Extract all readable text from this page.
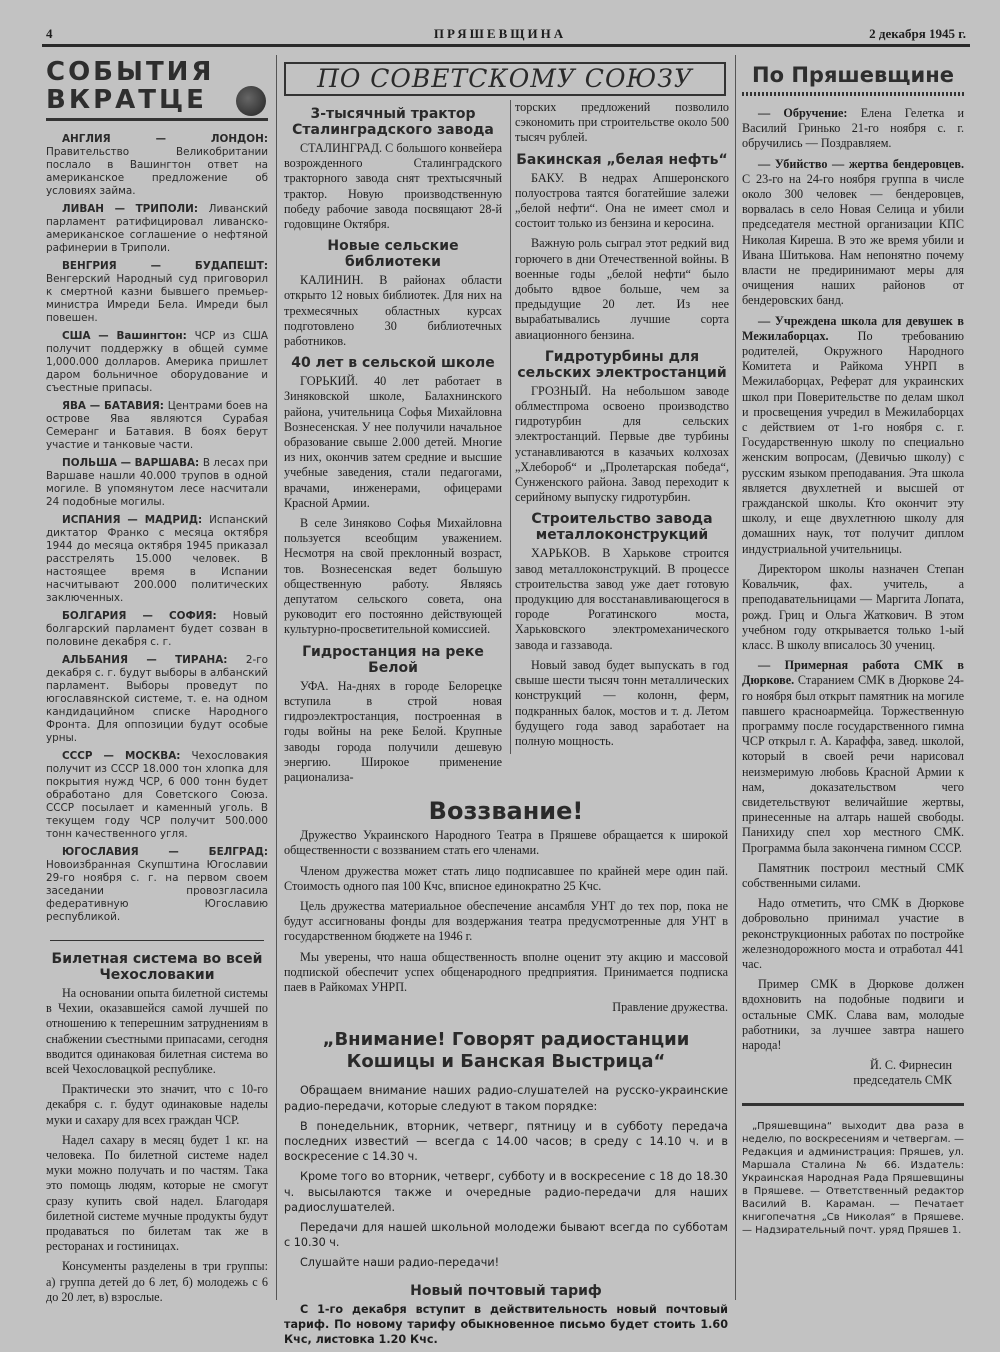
4	ПРЯШЕВЩИНА	2 декабря 1945 г.
СОБЫТИЯ
ВКРАТЦЕ

АНГЛИЯ — ЛОНДОН: Правительство Великобритании послало в Вашингтон ответ на американское предложение об условиях займа.

ЛИВАН — ТРИПОЛИ: Ливанский парламент ратифицировал ливанско-американское соглашение о нефтяной рафинерии в Триполи.

ВЕНГРИЯ — БУДАПЕШТ: Венгерский Народный суд приговорил к смертной казни бывшего премьер-министра Имреди Бела. Имреди был повешен.

США — Вашингтон: ЧСР из США получит поддержку в общей сумме 1,000.000 долларов. Америка пришлет даром больничное оборудование и съестные припасы.

ЯВА — БАТАВИЯ: Центрами боев на острове Ява являются Сурабая Семеранг и Батавия. В боях берут участие и танковые части.

ПОЛЬША — ВАРШАВА: В лесах при Варшаве нашли 40.000 трупов в одной могиле. В упомянутом лесе насчитали 24 подобные могилы.

ИСПАНИЯ — МАДРИД: Испанский диктатор Франко с месяца октября 1944 до месяца октября 1945 приказал расстрелять 15.000 человек. В настоящее время в Испании насчитывают 200.000 политических заключенных.

БОЛГАРИЯ — СОФИЯ: Новый болгарский парламент будет созван в половине декабря с. г.

АЛЬБАНИЯ — ТИРАНА: 2-го декабря с. г. будут выборы в албанский парламент. Выборы проведут по югославянской системе, т. е. на одном кандидацийном списке Народного Фронта. Для оппозиции будут особые урны.

СССР — МОСКВА: Чехословакия получит из СССР 18.000 тон хлопка для покрытия нужд ЧСР, 6 000 тонн будет обработано для Советского Союза. СССР посылает и каменный уголь. В текущем году ЧСР получит 500.000 тонн качественного угля.

ЮГОСЛАВИЯ — БЕЛГРАД: Новоизбранная Скупштина Югославии 29-го ноября с. г. на первом своем заседании провозгласила федеративную Югославию республикой.

Билетная система во всей Чехословакии

На основании опыта билетной системы в Чехии, оказавшейся самой лучшей по отношению к теперешним затруднениям в снабжении съестными припасами, сегодня вводится одинаковая билетная система во всей Чехословацкой республике.

Практически это значит, что с 10-го декабря с. г. будут одинаковые наделы муки и сахару для всех граждан ЧСР.

Надел сахару в месяц будет 1 кг. на человека. По билетной системе надел муки можно получать и по частям. Така это помощь людям, которые не смогут сразу купить свой надел. Благодаря билетной системе мучные продукты будут продаваться по билетам так же в ресторанах и гостиницах.

Консументы разделены в три группы: а) группа детей до 6 лет, б) молодежь с 6 до 20 лет, в) взрослые.

ПО СОВЕТСКОМУ СОЮЗУ
3-тысячный трактор Сталинградского завода

СТАЛИНГРАД. С большого конвейера возрожденного Сталинградского тракторного завода снят трехтысячный трактор. Новую производственную победу рабочие завода посвящают 28-й годовщине Октября.

Новые сельские библиотеки

КАЛИНИН. В районах области открыто 12 новых библиотек. Для них на трехмесячных областных курсах подготовлено 30 библиотечных работников.

40 лет в сельской школе

ГОРЬКИЙ. 40 лет работает в Зиняковской школе, Балахнинского района, учительница Софья Михайловна Вознесенская. У нее получили начальное образование свыше 2.000 детей. Многие из них, окончив затем средние и высшие учебные заведения, стали педагогами, врачами, инженерами, офицерами Красной Армии.

В селе Зиняково Софья Михайловна пользуется всеобщим уважением. Несмотря на свой преклонный возраст, тов. Вознесенская ведет большую общественную работу. Являясь депутатом сельского совета, она руководит его постоянно действующей культурно-просветительной комиссией.

Гидростанция на реке Белой

УФА. На-днях в городе Белорецке вступила в строй новая гидроэлектростанция, построенная в годы войны на реке Белой. Крупные заводы города получили дешевую энергию. Широкое применение рационализа-

торских предложений позволило сэкономить при строительстве около 500 тысяч рублей.

Бакинская „белая нефть“

БАКУ. В недрах Апшеронского полуострова таятся богатейшие залежи „белой нефти“. Она не имеет смол и состоит только из бензина и керосина.

Важную роль сыграл этот редкий вид горючего в дни Отечественной войны. В военные годы „белой нефти“ было добыто вдвое больше, чем за предыдущие 20 лет. Из нее вырабатывались лучшие сорта авиационного бензина.

Гидротурбины для сельских электростанций

ГРОЗНЫЙ. На небольшом заводе облместпрома освоено производство гидротурбин для сельских электростанций. Первые две турбины устанавливаются в казачьих колхозах „Хлебороб“ и „Пролетарская победа“, Сунженского района. Завод переходит к серийному выпуску гидротурбин.

Строительство завода металлоконструкций

ХАРЬКОВ. В Харькове строится завод металлоконструкций. В процессе строительства завод уже дает готовую продукцию для восстанавливающегося в городе Рогатинского моста, Харьковского электромеханического завода и газзавода.

Новый завод будет выпускать в год свыше шести тысяч тонн металлических конструкций — колонн, ферм, подкранных балок, мостов и т. д. Летом будущего года завод заработает на полную мощность.

Воззвание!

Дружество Украинского Народного Театра в Пряшеве обращается к широкой общественности с воззванием стать его членами.

Членом дружества может стать лицо подписавшее по крайней мере один пай. Стоимость одного пая 100 Кчс, вписное единократно 25 Кчс.

Цель дружества материальное обеспечение ансамбля УНТ до тех пор, пока не будут ассигнованы фонды для воздержания театра предусмотренные для УНТ в государственном бюджете на 1946 г.

Мы уверены, что наша общественность вполне оценит эту акцию и массовой подпиской обеспечит успех общенародного предприятия. Принимается подписка паев в Райкомах УНРП.

Правление дружества.

„Внимание! Говорят радиостанции Кошицы и Банская Выстрица“

Обращаем внимание наших радио-слушателей на русско-украинские радио-передачи, которые следуют в таком порядке:

В понедельник, вторник, четверг, пятницу и в субботу передача последних известий — всегда с 14.00 часов; в среду с 14.10 ч. и в воскресение с 14.30 ч.

Кроме того во вторник, четверг, субботу и в воскресение с 18 до 18.30 ч. высылаются также и очередные радио-передачи для наших радиослушателей.

Передачи для нашей школьной молодежи бывают всегда по субботам с 10.30 ч.

Слушайте наши радио-передачи!

Новый почтовый тариф

С 1-го декабря вступит в действительность новый почтовый тариф. По новому тарифу обыкновенное письмо будет стоить 1.60 Кчс, листовка 1.20 Кчс.

По Пряшевщине

— Обручение: Елена Гелетка и Василий Гринько 21-го ноября с. г. обручились — Поздравляем.

— Убийство — жертва бендеровцев. С 23-го на 24-го ноября группа в числе около 300 человек — бендеровцев, ворвалась в село Новая Селица и убили председателя местной организации КПС Николая Киреша. В это же время убили и Ивана Шитькова. Нам непонятно почему власти не предиринимают меры для очищения наших районов от бендеровских банд.

— Учреждена школа для девушек в Межилаборцах. По требованию родителей, Окружного Народного Комитета и Райкома УНРП в Межилаборцах, Реферат для украинских школ при Поверительстве по делам школ и просвещения учредил в Межилаборцах с действием от 1-го ноября с. г. Государственную школу по специально женским вопросам, (Девичью школу) с русским языком преподавания. Эта школа является двухлетней и высшей от гражданской школы. Кто окончит эту школу, и еще двухлетнюю школу для домашних наук, тот получит диплом индустриальной учительницы.

Директором школы назначен Степан Ковальчик, фах. учитель, а преподавательницами — Маргита Лопата, рожд. Гриц и Ольга Жаткович. В этом учебном году открывается только 1-ый класс. В школу вписалось 30 учениц.

— Примерная работа СМК в Дюркове. Старанием СМК в Дюркове 24-го ноября был открыт памятник на могиле павшего красноармейца. Торжественную программу после государственного гимна ЧСР открыл г. А. Караффа, завед. школой, который в своей речи нарисовал неизмеримую любовь Красной Армии к нам, доказательством чего свидетельствуют величайшие жертвы, принесенные на алтарь нашей свободы. Панихиду спел хор местного СМК. Программа была закончена гимном СССР.

Памятник построил местный СМК собственными силами.

Надо отметить, что СМК в Дюркове добровольно принимал участие в реконструкционных работах по постройке железнодорожного моста и отработал 441 час.

Пример СМК в Дюркове должен вдохновить на подобные подвиги и остальные СМК. Слава вам, молодые работники, за лучшее завтра нашего народа!

Й. С. Фирнесин

председатель СМК

„Пряшевщина“ выходит два раза в неделю, по воскресениям и четвергам. — Редакция и администрация: Пряшев, ул. Маршала Сталина № 66. Издатель: Украинская Народная Рада Пряшевщины в Пряшеве. — Ответственный редактор Василий В. Караман. — Печатает книгопечатня „Св Николая“ в Пряшеве. — Надзирательный почт. уряд Пряшев 1.
